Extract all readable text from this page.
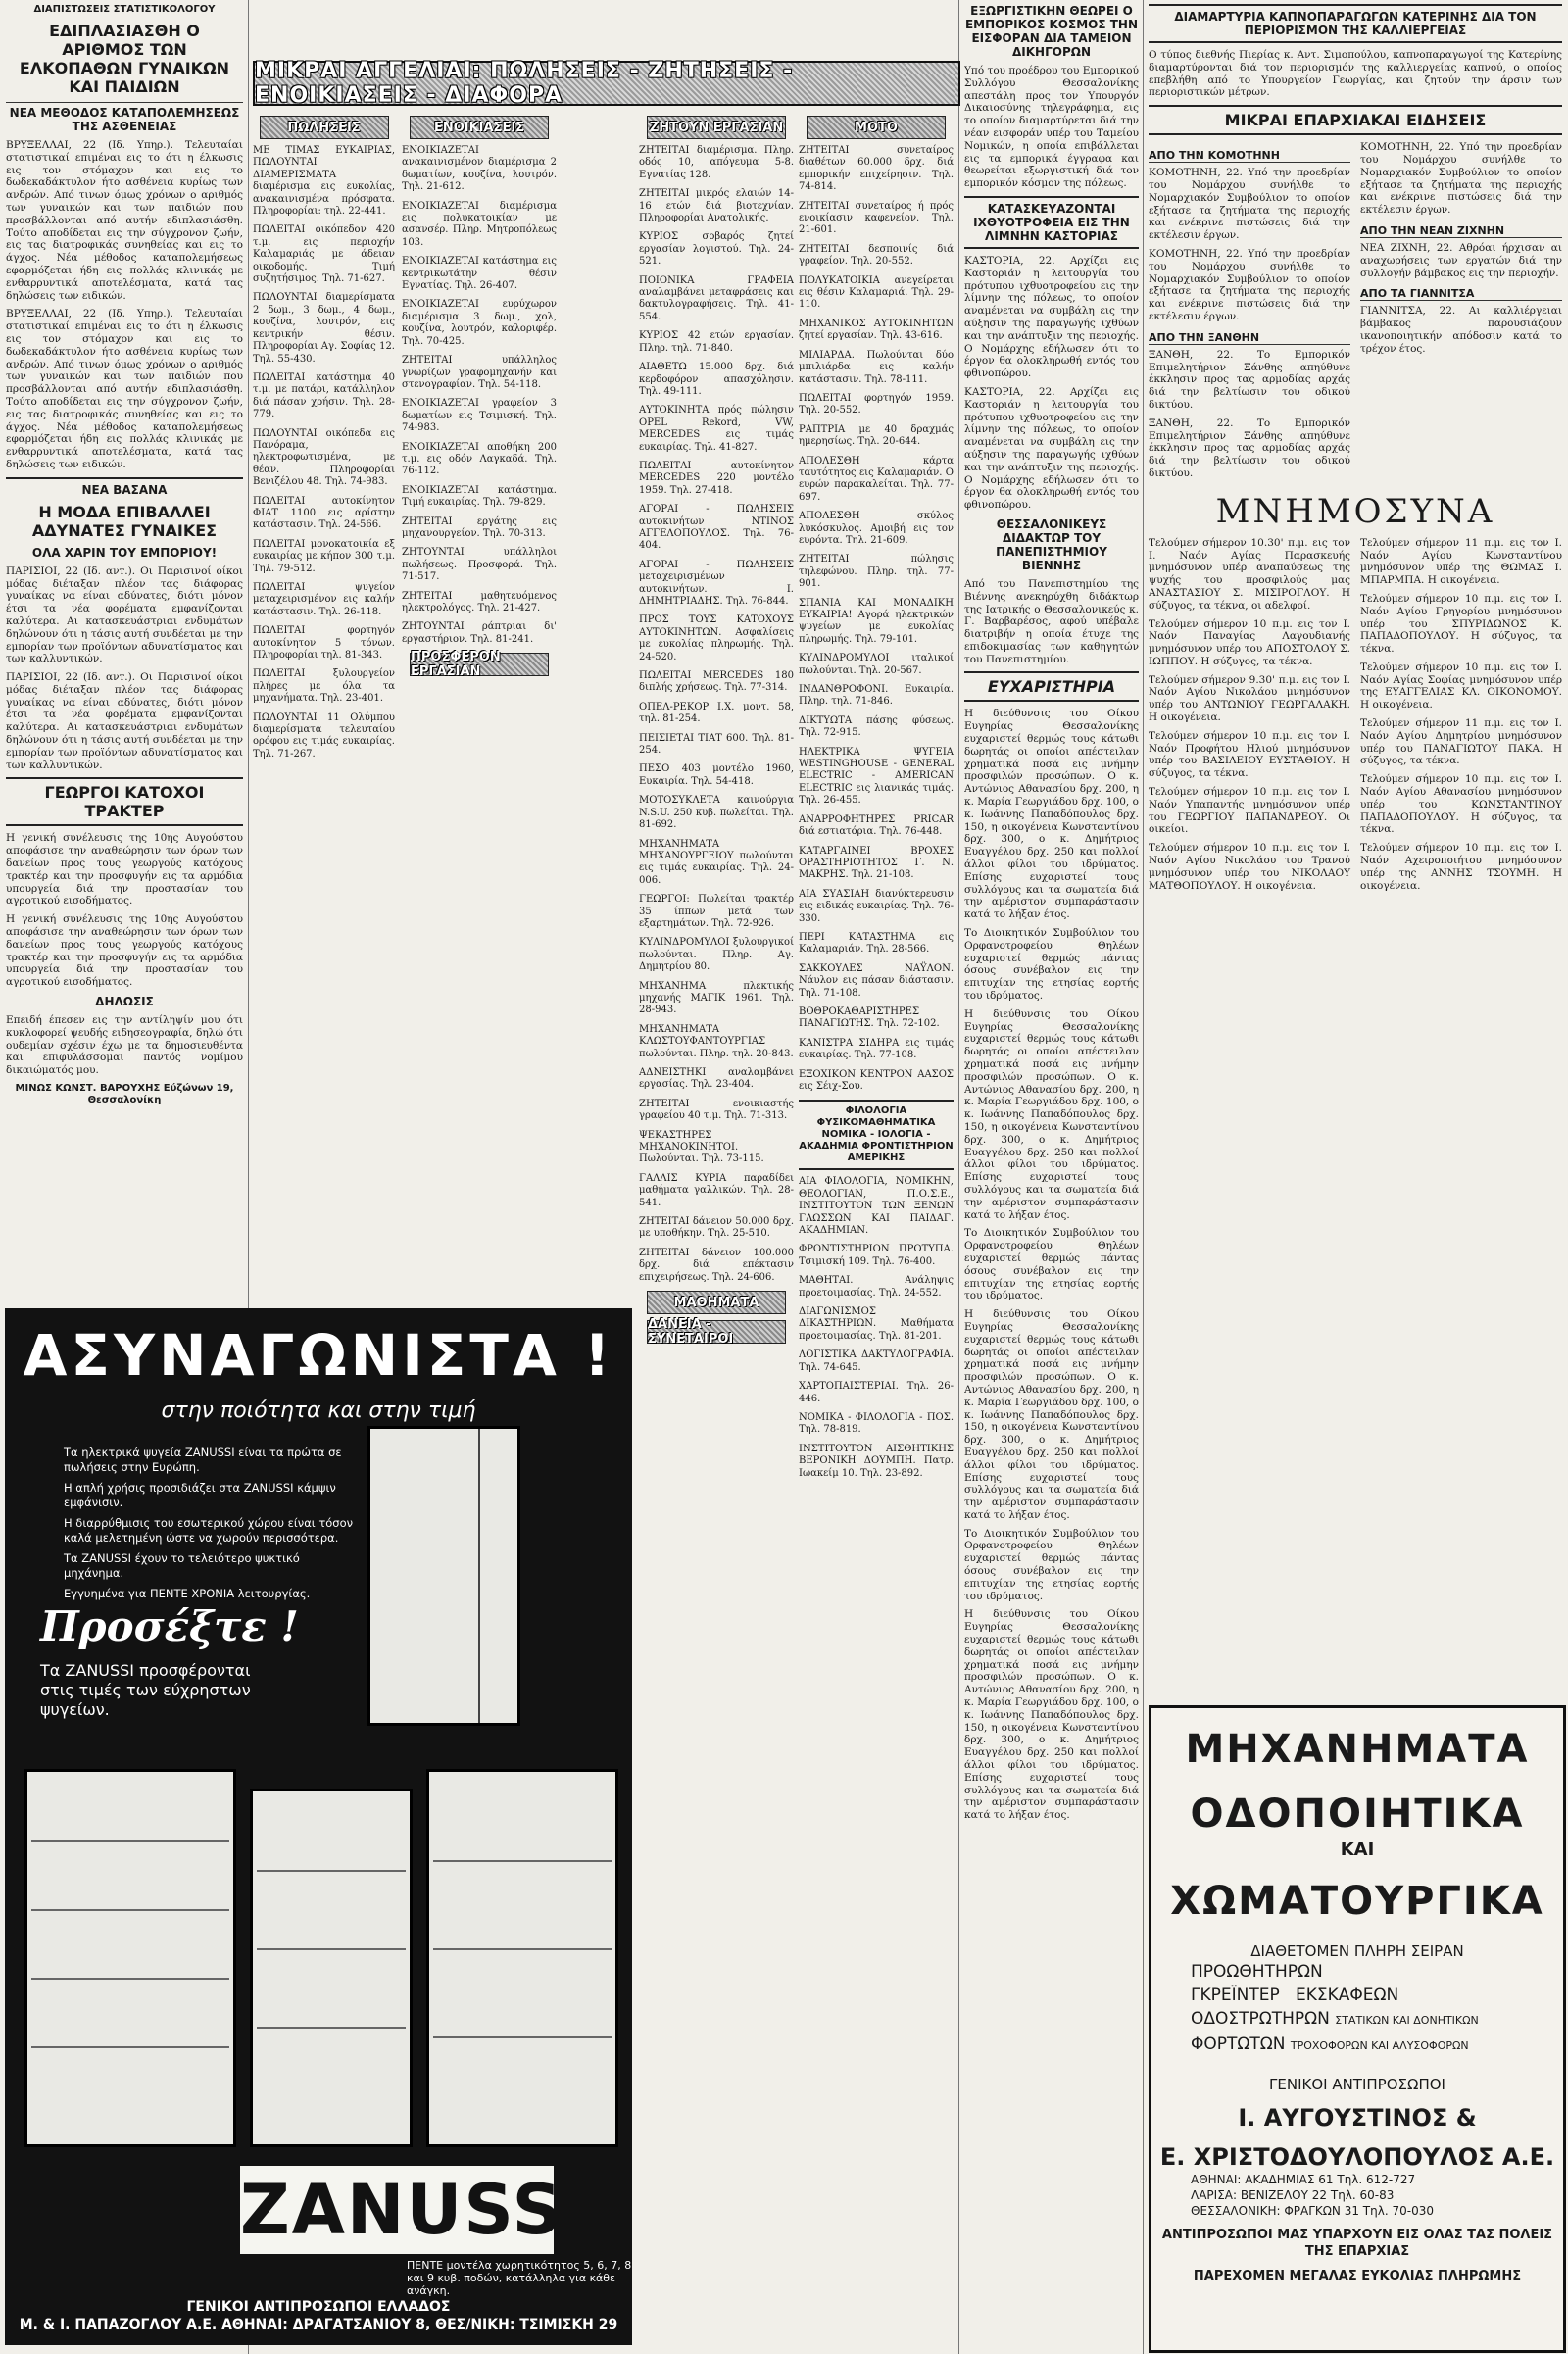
ΔΙΑΠΙΣΤΩΣΕΙΣ ΣΤΑΤΙΣΤΙΚΟΛΟΓΟΥ
ΕΔΙΠΛΑΣΙΑΣΘΗ Ο ΑΡΙΘΜΟΣ ΤΩΝ ΕΛΚΟΠΑΘΩΝ ΓΥΝΑΙΚΩΝ ΚΑΙ ΠΑΙΔΙΩΝ
ΝΕΑ ΜΕΘΟΔΟΣ ΚΑΤΑΠΟΛΕΜΗΣΕΩΣ ΤΗΣ ΑΣΘΕΝΕΙΑΣ

ΒΡΥΞΕΛΛΑΙ, 22 (Ιδ. Υπηρ.). Τελευταίαι στατιστικαί επιμέναι εις το ότι η έλκωσις εις τον στόμαχον και εις το δωδεκαδάκτυλον ήτο ασθένεια κυρίως των ανδρών. Από τινων όμως χρόνων ο αριθμός των γυναικών και των παιδιών που προσβάλλονται από αυτήν εδιπλασιάσθη. Τούτο αποδίδεται εις την σύγχρονον ζωήν, εις τας διατροφικάς συνηθείας και εις το άγχος. Νέα μέθοδος καταπολεμήσεως εφαρμόζεται ήδη εις πολλάς κλινικάς με ενθαρρυντικά αποτελέσματα, κατά τας δηλώσεις των ειδικών.

ΒΡΥΞΕΛΛΑΙ, 22 (Ιδ. Υπηρ.). Τελευταίαι στατιστικαί επιμέναι εις το ότι η έλκωσις εις τον στόμαχον και εις το δωδεκαδάκτυλον ήτο ασθένεια κυρίως των ανδρών. Από τινων όμως χρόνων ο αριθμός των γυναικών και των παιδιών που προσβάλλονται από αυτήν εδιπλασιάσθη. Τούτο αποδίδεται εις την σύγχρονον ζωήν, εις τας διατροφικάς συνηθείας και εις το άγχος. Νέα μέθοδος καταπολεμήσεως εφαρμόζεται ήδη εις πολλάς κλινικάς με ενθαρρυντικά αποτελέσματα, κατά τας δηλώσεις των ειδικών.

ΝΕΑ ΒΑΣΑΝΑ
Η ΜΟΔΑ ΕΠΙΒΑΛΛΕΙ ΑΔΥΝΑΤΕΣ ΓΥΝΑΙΚΕΣ
ΟΛΑ ΧΑΡΙΝ ΤΟΥ ΕΜΠΟΡΙΟΥ!

ΠΑΡΙΣΙΟΙ, 22 (Ιδ. ανт.). Οι Παρισινοί οίκοι μόδας διέταξαν πλέον τας διάφορας γυναίκας να είναι αδύνατες, διότι μόνον έτσι τα νέα φορέματα εμφανίζονται καλύτερα. Αι κατασκευάστριαι ενδυμάτων δηλώνουν ότι η τάσις αυτή συνδέεται με την εμπορίαν των προϊόντων αδυνατίσματος και των καλλυντικών.

ΠΑΡΙΣΙΟΙ, 22 (Ιδ. ανт.). Οι Παρισινοί οίκοι μόδας διέταξαν πλέον τας διάφορας γυναίκας να είναι αδύνατες, διότι μόνον έτσι τα νέα φορέματα εμφανίζονται καλύτερα. Αι κατασκευάστριαι ενδυμάτων δηλώνουν ότι η τάσις αυτή συνδέεται με την εμπορίαν των προϊόντων αδυνατίσματος και των καλλυντικών.

ΓΕΩΡΓΟΙ ΚΑΤΟΧΟΙ ΤΡΑΚΤΕΡ

Η γενική συνέλευσις της 10ης Αυγούστου αποφάσισε την αναθεώρησιν των όρων των δανείων προς τους γεωργούς κατόχους τρακτέρ και την προσφυγήν εις τα αρμόδια υπουργεία διά την προστασίαν του αγροτικού εισοδήματος.

Η γενική συνέλευσις της 10ης Αυγούστου αποφάσισε την αναθεώρησιν των όρων των δανείων προς τους γεωργούς κατόχους τρακτέρ και την προσφυγήν εις τα αρμόδια υπουργεία διά την προστασίαν του αγροτικού εισοδήματος.

ΔΗΛΩΣΙΣ

Επειδή έπεσεν εις την αντίληψίν μου ότι κυκλοφορεί ψευδής ειδησεογραφία, δηλώ ότι ουδεμίαν σχέσιν έχω με τα δημοσιευθέντα και επιφυλάσσομαι παντός νομίμου δικαιώματός μου.

ΜΙΝΩΣ ΚΩΝΣΤ. ΒΑΡΟΥΧΗΣ Εύζώνων 19, Θεσσαλονίκη
ΜΙΚΡΑΙ ΑΓΓΕΛΙΑΙ: ΠΩΛΗΣΕΙΣ - ΖΗΤΗΣΕΙΣ - ΕΝΟΙΚΙΑΣΕΙΣ - ΔΙΑΦΟΡΑ
ΠΩΛΗΣΕΙΣ

ΜΕ ΤΙΜΑΣ ΕΥΚΑΙΡΙΑΣ, ΠΩΛΟΥΝΤΑΙ ΔΙΑΜΕΡΙΣΜΑΤΑ διαμέρισμα εις ευκολίας, ανακαινισμένα πρόσφατα. Πληροφορίαι: τηλ. 22-441.

ΠΩΛΕΙΤΑΙ οικόπεδον 420 τ.μ. εις περιοχήν Καλαμαριάς με άδειαν οικοδομής. Τιμή συζητήσιμος. Τηλ. 71-627.

ΠΩΛΟΥΝΤΑΙ διαμερίσματα 2 δωμ., 3 δωμ., 4 δωμ., κουζίνα, λουτρόν, εις κεντρικήν θέσιν. Πληροφορίαι Αγ. Σοφίας 12. Τηλ. 55-430.

ΠΩΛΕΙΤΑΙ κατάστημα 40 τ.μ. με πατάρι, κατάλληλον διά πάσαν χρήσιν. Τηλ. 28-779.

ΠΩΛΟΥΝΤΑΙ οικόπεδα εις Πανόραμα, ηλεκτροφωτισμένα, με θέαν. Πληροφορίαι Βενιζέλου 48. Τηλ. 74-983.

ΠΩΛΕΙΤΑΙ αυτοκίνητον ΦΙΑΤ 1100 εις αρίστην κατάστασιν. Τηλ. 24-566.

ΠΩΛΕΙΤΑΙ μονοκατοικία εξ ευκαιρίας με κήπον 300 τ.μ. Τηλ. 79-512.

ΠΩΛΕΙΤΑΙ ψυγείον μεταχειρισμένον εις καλήν κατάστασιν. Τηλ. 26-118.

ΠΩΛΕΙΤΑΙ φορτηγόν αυτοκίνητον 5 τόνων. Πληροφορίαι τηλ. 81-343.

ΠΩΛΕΙΤΑΙ ξυλουργείον πλήρες με όλα τα μηχανήματα. Τηλ. 23-401.

ΠΩΛΟΥΝΤΑΙ 11 Ολύμπου διαμερίσματα τελευταίου ορόφου εις τιμάς ευκαιρίας. Τηλ. 71-267.

ΕΝΟΙΚΙΑΣΕΙΣ

ΕΝΟΙΚΙΑΖΕΤΑΙ ανακαινισμένον διαμέρισμα 2 δωματίων, κουζίνα, λουτρόν. Τηλ. 21-612.

ΕΝΟΙΚΙΑΖΕΤΑΙ διαμέρισμα εις πολυκατοικίαν με ασανσέρ. Πληρ. Μητροπόλεως 103.

ΕΝΟΙΚΙΑΖΕΤΑΙ κατάστημα εις κεντρικωτάτην θέσιν Εγνατίας. Τηλ. 26-407.

ΕΝΟΙΚΙΑΖΕΤΑΙ ευρύχωρον διαμέρισμα 3 δωμ., χολ, κουζίνα, λουτρόν, καλοριφέρ. Τηλ. 70-425.

ΖΗΤΕΙΤΑΙ υπάλληλος γνωρίζων γραφομηχανήν και στενογραφίαν. Τηλ. 54-118.

ΕΝΟΙΚΙΑΖΕΤΑΙ γραφείον 3 δωματίων εις Τσιμισκή. Τηλ. 74-983.

ΕΝΟΙΚΙΑΖΕΤΑΙ αποθήκη 200 τ.μ. εις οδόν Λαγκαδά. Τηλ. 76-112.

ΕΝΟΙΚΙΑΖΕΤΑΙ κατάστημα. Τιμή ευκαιρίας. Τηλ. 79-829.

ΖΗΤΕΙΤΑΙ εργάτης εις μηχανουργείον. Τηλ. 70-313.

ΖΗΤΟΥΝΤΑΙ υπάλληλοι πωλήσεως. Προσφορά. Τηλ. 71-517.

ΖΗΤΕΙΤΑΙ μαθητευόμενος ηλεκτρολόγος. Τηλ. 21-427.

ΖΗΤΟΥΝΤΑΙ ράπτριαι δι' εργαστήριον. Τηλ. 81-241.

ΠΡΟΣΦΕΡΟΝ ΕΡΓΑΣΙΑΝ
ΖΗΤΟΥΝ ΕΡΓΑΣΙΑΝ

ΖΗΤΕΙΤΑΙ διαμέρισμα. Πληρ. οδός 10, απόγευμα 5-8. Εγνατίας 128.

ΖΗΤΕΙΤΑΙ μικρός ελαιών 14-16 ετών διά βιοτεχνίαν. Πληροφορίαι Ανατολικής.

ΚΥΡΙΟΣ σοβαρός ζητεί εργασίαν λογιστού. Τηλ. 24-521.

ΠΟΙΟΝΙΚΑ ΓΡΑΦΕΙΑ αναλαμβάνει μεταφράσεις και δακτυλογραφήσεις. Τηλ. 41-554.

ΚΥΡΙΟΣ 42 ετών εργασίαν. Πληρ. τηλ. 71-840.

ΑΙΑΘΕΤΩ 15.000 δρχ. διά κερδοφόρον απασχόλησιν. Τηλ. 49-111.

ΑΥΤΟΚΙΝΗΤΑ πρός πώλησιν OPEL Rekord, VW, MERCEDES εις τιμάς ευκαιρίας. Τηλ. 41-827.

ΠΩΛΕΙΤΑΙ αυτοκίνητον MERCEDES 220 μοντέλο 1959. Τηλ. 27-418.

ΑΓΟΡΑΙ - ΠΩΛΗΣΕΙΣ αυτοκινήτων ΝΤΙΝΟΣ ΑΓΓΕΛΟΠΟΥΛΟΣ. Τηλ. 76-404.

ΑΓΟΡΑΙ - ΠΩΛΗΣΕΙΣ μεταχειρισμένων αυτοκινήτων. Ι. ΔΗΜΗΤΡΙΑΔΗΣ. Τηλ. 76-844.

ΠΡΟΣ ΤΟΥΣ ΚΑΤΟΧΟΥΣ ΑΥΤΟΚΙΝΗΤΩΝ. Ασφαλίσεις με ευκολίας πληρωμής. Τηλ. 24-520.

ΠΩΛΕΙΤΑΙ MERCEDES 180 διπλής χρήσεως. Τηλ. 77-314.

ΟΠΕΛ-ΡΕΚΟΡ Ι.Χ. μοντ. 58, τηλ. 81-254.

ΠΕΙΣΙΕΤΑΙ ΤΙΑΤ 600. Τηλ. 81-254.

ΠΕΣΟ 403 μοντέλο 1960, Ευκαιρία. Τηλ. 54-418.

ΜΟΤΟΣΥΚΛΕΤΑ καινούργια N.S.U. 250 κυβ. πωλείται. Τηλ. 81-692.

ΜΗΧΑΝΗΜΑΤΑ ΜΗΧΑΝΟΥΡΓΕΙΟΥ πωλούνται εις τιμάς ευκαιρίας. Τηλ. 24-006.

ΓΕΩΡΓΟΙ: Πωλείται τρακτέρ 35 ίππων μετά των εξαρτημάτων. Τηλ. 72-926.

ΚΥΛΙΝΔΡΟΜΥΛΟΙ ξυλουργικοί πωλούνται. Πληρ. Αγ. Δημητρίου 80.

ΜΗΧΑΝΗΜΑ πλεκτικής μηχανής ΜΑΓΙΚ 1961. Τηλ. 28-943.

ΜΗΧΑΝΗΜΑΤΑ ΚΛΩΣΤΟΥΦΑΝΤΟΥΡΓΙΑΣ πωλούνται. Πληρ. τηλ. 20-843.

ΑΔΝΕΙΣΤΗΚΙ αναλαμβάνει εργασίας. Τηλ. 23-404.

ΖΗΤΕΙΤΑΙ ενοικιαστής γραφείου 40 τ.μ. Τηλ. 71-313.

ΨΕΚΑΣΤΗΡΕΣ ΜΗΧΑΝΟΚΙΝΗΤΟΙ. Πωλούνται. Τηλ. 73-115.

ΓΑΛΛΙΣ ΚΥΡΙΑ παραδίδει μαθήματα γαλλικών. Τηλ. 28-541.

ΖΗΤΕΙΤΑΙ δάνειον 50.000 δρχ. με υποθήκην. Τηλ. 25-510.

ΖΗΤΕΙΤΑΙ δάνειον 100.000 δρχ. διά επέκτασιν επιχειρήσεως. Τηλ. 24-606.

ΜΑΘΗΜΑΤΑ
ΔΑΝΕΙΑ - ΣΥΝΕΤΑΙΡΟΙ
ΜΟΤΟ

ΖΗΤΕΙΤΑΙ συνεταίρος διαθέτων 60.000 δρχ. διά εμπορικήν επιχείρησιν. Τηλ. 74-814.

ΖΗΤΕΙΤΑΙ συνεταίρος ή πρός ενοικίασιν καφενείον. Τηλ. 21-601.

ΖΗΤΕΙΤΑΙ δεσποινίς διά γραφείον. Τηλ. 20-552.

ΠΟΛΥΚΑΤΟΙΚΙΑ ανεγείρεται εις θέσιν Καλαμαριά. Τηλ. 29-110.

ΜΗΧΑΝΙΚΟΣ ΑΥΤΟΚΙΝΗΤΩΝ ζητεί εργασίαν. Τηλ. 43-616.

ΜΙΛΙΑΡΔΑ. Πωλούνται δύο μπιλιάρδα εις καλήν κατάστασιν. Τηλ. 78-111.

ΠΩΛΕΙΤΑΙ φορτηγόν 1959. Τηλ. 20-552.

ΡΑΠΤΡΙΑ με 40 δραχμάς ημερησίως. Τηλ. 20-644.

ΑΠΟΛΕΣΘΗ κάρτα ταυτότητος εις Καλαμαριάν. Ο ευρών παρακαλείται. Τηλ. 77-697.

ΑΠΟΛΕΣΘΗ σκύλος λυκόσκυλος. Αμοιβή εις τον ευρόντα. Τηλ. 21-609.

ΖΗΤΕΙΤΑΙ πώλησις τηλεφώνου. Πληρ. τηλ. 77-901.

ΣΠΑΝΙΑ ΚΑΙ ΜΟΝΑΔΙΚΗ ΕΥΚΑΙΡΙΑ! Αγορά ηλεκτρικών ψυγείων με ευκολίας πληρωμής. Τηλ. 79-101.

ΚΥΛΙΝΔΡΟΜΥΛΟΙ ιταλικοί πωλούνται. Τηλ. 20-567.

ΙΝΔΑΝΘΡΟΦΟΝΙ. Ευκαιρία. Πληρ. τηλ. 71-846.

ΔΙΚΤΥΩΤΑ πάσης φύσεως. Τηλ. 72-915.

ΗΛΕΚΤΡΙΚΑ ΨΥΓΕΙΑ WESTINGHOUSE - GENERAL ELECTRIC - AMERICAN ELECTRIC εις λιανικάς τιμάς. Τηλ. 26-455.

ΑΝΑΡΡΟΦΗΤΗΡΕΣ PRICAR διά εστιατόρια. Τηλ. 76-448.

ΚΑΤΑΡΓΑΙΝΕΙ ΒΡΟΧΕΣ ΟΡΑΣΤΗΡΙΟΤΗΤΟΣ Γ. Ν. ΜΑΚΡΗΣ. Τηλ. 21-108.

ΑΙΑ ΣΥΑΣΙΑΗ διανύκτερευσιν εις ειδικάς ευκαιρίας. Τηλ. 76-330.

ΠΕΡΙ ΚΑΤΑΣΤΗΜΑ εις Καλαμαριάν. Τηλ. 28-566.

ΣΑΚΚΟΥΛΕΣ ΝΑΫΛΟΝ. Νάυλον εις πάσαν διάστασιν. Τηλ. 71-108.

ΒΟΘΡΟΚΑΘΑΡΙΣΤΗΡΕΣ ΠΑΝΑΓΙΩΤΗΣ. Τηλ. 72-102.

ΚΑΝΙΣΤΡΑ ΣΙΔΗΡΑ εις τιμάς ευκαιρίας. Τηλ. 77-108.

ΕΞΟΧΙΚΟΝ ΚΕΝΤΡΟΝ ΑΑΣΟΣ εις Σέιχ-Σου.

ΦΙΛΟΛΟΓΙΑ ΦΥΣΙΚΟΜΑΘΗΜΑΤΙΚΑ ΝΟΜΙΚΑ - ΙΟΛΟΓΙΑ - ΑΚΑΔΗΜΙΑ ΦΡΟΝΤΙΣΤΗΡΙΟΝ ΑΜΕΡΙΚΗΣ

ΑΙΑ ΦΙΛΟΛΟΓΙΑ, ΝΟΜΙΚΗΝ, ΘΕΟΛΟΓΙΑΝ, Π.Ο.Σ.Ε., ΙΝΣΤΙΤΟΥΤΟΝ ΤΩΝ ΞΕΝΩΝ ΓΛΩΣΣΩΝ ΚΑΙ ΠΑΙΔΑΓ. ΑΚΑΔΗΜΙΑΝ.

ΦΡΟΝΤΙΣΤΗΡΙΟΝ ΠΡΟΤΥΠΑ. Τσιμισκή 109. Τηλ. 76-400.

ΜΑΘΗΤΑΙ. Ανάληψις προετοιμασίας. Τηλ. 24-552.

ΔΙΑΓΩΝΙΣΜΟΣ ΔΙΚΑΣΤΗΡΙΩΝ. Μαθήματα προετοιμασίας. Τηλ. 81-201.

ΛΟΓΙΣΤΙΚΑ ΔΑΚΤΥΛΟΓΡΑΦΙΑ. Τηλ. 74-645.

ΧΑΡΤΟΠΑΙΣΤΕΡΙΑΙ. Τηλ. 26-446.

ΝΟΜΙΚΑ - ΦΙΛΟΛΟΓΙΑ - ΠΟΣ. Τηλ. 78-819.

ΙΝΣΤΙΤΟΥΤΟΝ ΑΙΣΘΗΤΙΚΗΣ ΒΕΡΟΝΙΚΗ ΔΟΥΜΠΗ. Πατρ. Ιωακείμ 10. Τηλ. 23-892.

ΕΞΩΡΓΙΣΤΙΚΗΝ ΘΕΩΡΕΙ Ο ΕΜΠΟΡΙΚΟΣ ΚΟΣΜΟΣ ΤΗΝ ΕΙΣΦΟΡΑΝ ΔΙΑ ΤΑΜΕΙΟΝ ΔΙΚΗΓΟΡΩΝ

Υπό του προέδρου του Εμπορικού Συλλόγου Θεσσαλονίκης απεστάλη προς τον Υπουργόν Δικαιοσύνης τηλεγράφημα, εις το οποίον διαμαρτύρεται διά την νέαν εισφοράν υπέρ του Ταμείου Νομικών, η οποία επιβάλλεται εις τα εμπορικά έγγραφα και θεωρείται εξωργιστική διά τον εμπορικόν κόσμον της πόλεως.

ΚΑΤΑΣΚΕΥΑΖΟΝΤΑΙ ΙΧΘΥΟΤΡΟΦΕΙΑ ΕΙΣ ΤΗΝ ΛΙΜΝΗΝ ΚΑΣΤΟΡΙΑΣ

ΚΑΣΤΟΡΙΑ, 22. Αρχίζει εις Καστοριάν η λειτουργία του πρότυπου ιχθυοτροφείου εις την λίμνην της πόλεως, το οποίον αναμένεται να συμβάλη εις την αύξησιν της παραγωγής ιχθύων και την ανάπτυξιν της περιοχής. Ο Νομάρχης εδήλωσεν ότι το έργον θα ολοκληρωθή εντός του φθινοπώρου.

ΚΑΣΤΟΡΙΑ, 22. Αρχίζει εις Καστοριάν η λειτουργία του πρότυπου ιχθυοτροφείου εις την λίμνην της πόλεως, το οποίον αναμένεται να συμβάλη εις την αύξησιν της παραγωγής ιχθύων και την ανάπτυξιν της περιοχής. Ο Νομάρχης εδήλωσεν ότι το έργον θα ολοκληρωθή εντός του φθινοπώρου.

ΘΕΣΣΑΛΟΝΙΚΕΥΣ ΔΙΔΑΚΤΩΡ ΤΟΥ ΠΑΝΕΠΙΣΤΗΜΙΟΥ ΒΙΕΝΝΗΣ

Από του Πανεπιστημίου της Βιέννης ανεκηρύχθη διδάκτωρ της Ιατρικής ο Θεσσαλονικεύς κ. Γ. Βαρβαρέσος, αφού υπέβαλε διατριβήν η οποία έτυχε της επιδοκιμασίας των καθηγητών του Πανεπιστημίου.

ΕΥΧΑΡΙΣΤΗΡΙΑ

Η διεύθυνσις του Οίκου Ευγηρίας Θεσσαλονίκης ευχαριστεί θερμώς τους κάτωθι δωρητάς οι οποίοι απέστειλαν χρηματικά ποσά εις μνήμην προσφιλών προσώπων. Ο κ. Αντώνιος Αθανασίου δρχ. 200, η κ. Μαρία Γεωργιάδου δρχ. 100, ο κ. Ιωάννης Παπαδόπουλος δρχ. 150, η οικογένεια Κωνσταντίνου δρχ. 300, ο κ. Δημήτριος Ευαγγέλου δρχ. 250 και πολλοί άλλοι φίλοι του ιδρύματος. Επίσης ευχαριστεί τους συλλόγους και τα σωματεία διά την αμέριστον συμπαράστασιν κατά το λήξαν έτος.

Το Διοικητικόν Συμβούλιον του Ορφανοτροφείου Θηλέων ευχαριστεί θερμώς πάντας όσους συνέβαλον εις την επιτυχίαν της ετησίας εορτής του ιδρύματος.

Η διεύθυνσις του Οίκου Ευγηρίας Θεσσαλονίκης ευχαριστεί θερμώς τους κάτωθι δωρητάς οι οποίοι απέστειλαν χρηματικά ποσά εις μνήμην προσφιλών προσώπων. Ο κ. Αντώνιος Αθανασίου δρχ. 200, η κ. Μαρία Γεωργιάδου δρχ. 100, ο κ. Ιωάννης Παπαδόπουλος δρχ. 150, η οικογένεια Κωνσταντίνου δρχ. 300, ο κ. Δημήτριος Ευαγγέλου δρχ. 250 και πολλοί άλλοι φίλοι του ιδρύματος. Επίσης ευχαριστεί τους συλλόγους και τα σωματεία διά την αμέριστον συμπαράστασιν κατά το λήξαν έτος.

Το Διοικητικόν Συμβούλιον του Ορφανοτροφείου Θηλέων ευχαριστεί θερμώς πάντας όσους συνέβαλον εις την επιτυχίαν της ετησίας εορτής του ιδρύματος.

Η διεύθυνσις του Οίκου Ευγηρίας Θεσσαλονίκης ευχαριστεί θερμώς τους κάτωθι δωρητάς οι οποίοι απέστειλαν χρηματικά ποσά εις μνήμην προσφιλών προσώπων. Ο κ. Αντώνιος Αθανασίου δρχ. 200, η κ. Μαρία Γεωργιάδου δρχ. 100, ο κ. Ιωάννης Παπαδόπουλος δρχ. 150, η οικογένεια Κωνσταντίνου δρχ. 300, ο κ. Δημήτριος Ευαγγέλου δρχ. 250 και πολλοί άλλοι φίλοι του ιδρύματος. Επίσης ευχαριστεί τους συλλόγους και τα σωματεία διά την αμέριστον συμπαράστασιν κατά το λήξαν έτος.

Το Διοικητικόν Συμβούλιον του Ορφανοτροφείου Θηλέων ευχαριστεί θερμώς πάντας όσους συνέβαλον εις την επιτυχίαν της ετησίας εορτής του ιδρύματος.

Η διεύθυνσις του Οίκου Ευγηρίας Θεσσαλονίκης ευχαριστεί θερμώς τους κάτωθι δωρητάς οι οποίοι απέστειλαν χρηματικά ποσά εις μνήμην προσφιλών προσώπων. Ο κ. Αντώνιος Αθανασίου δρχ. 200, η κ. Μαρία Γεωργιάδου δρχ. 100, ο κ. Ιωάννης Παπαδόπουλος δρχ. 150, η οικογένεια Κωνσταντίνου δρχ. 300, ο κ. Δημήτριος Ευαγγέλου δρχ. 250 και πολλοί άλλοι φίλοι του ιδρύματος. Επίσης ευχαριστεί τους συλλόγους και τα σωματεία διά την αμέριστον συμπαράστασιν κατά το λήξαν έτος.

ΔΙΑΜΑΡΤΥΡΙΑ ΚΑΠΝΟΠΑΡΑΓΩΓΩΝ ΚΑΤΕΡΙΝΗΣ ΔΙΑ ΤΟΝ ΠΕΡΙΟΡΙΣΜΟΝ ΤΗΣ ΚΑΛΛΙΕΡΓΕΙΑΣ

Ο τύπος διεθνής Πιερίας κ. Αντ. Σιμοπούλου, καπνοπαραγωγοί της Κατερίνης διαμαρτύρονται διά τον περιορισμόν της καλλιεργείας καπνού, ο οποίος επεβλήθη από το Υπουργείον Γεωργίας, και ζητούν την άρσιν των περιοριστικών μέτρων.

ΜΙΚΡΑΙ ΕΠΑΡΧΙΑΚΑΙ ΕΙΔΗΣΕΙΣ
ΑΠΟ ΤΗΝ ΚΟΜΟΤΗΝΗ

ΚΟΜΟΤΗΝΗ, 22. Υπό την προεδρίαν του Νομάρχου συνήλθε το Νομαρχιακόν Συμβούλιον το οποίον εξήτασε τα ζητήματα της περιοχής και ενέκρινε πιστώσεις διά την εκτέλεσιν έργων.

ΚΟΜΟΤΗΝΗ, 22. Υπό την προεδρίαν του Νομάρχου συνήλθε το Νομαρχιακόν Συμβούλιον το οποίον εξήτασε τα ζητήματα της περιοχής και ενέκρινε πιστώσεις διά την εκτέλεσιν έργων.

ΑΠΟ ΤΗΝ ΞΑΝΘΗΝ

ΞΑΝΘΗ, 22. Το Εμπορικόν Επιμελητήριον Ξάνθης απηύθυνε έκκλησιν προς τας αρμοδίας αρχάς διά την βελτίωσιν του οδικού δικτύου.

ΞΑΝΘΗ, 22. Το Εμπορικόν Επιμελητήριον Ξάνθης απηύθυνε έκκλησιν προς τας αρμοδίας αρχάς διά την βελτίωσιν του οδικού δικτύου.

ΚΟΜΟΤΗΝΗ, 22. Υπό την προεδρίαν του Νομάρχου συνήλθε το Νομαρχιακόν Συμβούλιον το οποίον εξήτασε τα ζητήματα της περιοχής και ενέκρινε πιστώσεις διά την εκτέλεσιν έργων.

ΑΠΟ ΤΗΝ ΝΕΑΝ ΖΙΧΝΗΝ

ΝΕΑ ΖΙΧΝΗ, 22. Αθρόαι ήρχισαν αι αναχωρήσεις των εργατών διά την συλλογήν βάμβακος εις την περιοχήν.

ΑΠΟ ΤΑ ΓΙΑΝΝΙΤΣΑ

ΓΙΑΝΝΙΤΣΑ, 22. Αι καλλιέργειαι βάμβακος παρουσιάζουν ικανοποιητικήν απόδοσιν κατά το τρέχον έτος.

ΜΝΗΜΟΣΥΝΑ

Τελούμεν σήμερον 10.30' π.μ. εις τον Ι. Ναόν Αγίας Παρασκευής μνημόσυνον υπέρ αναπαύσεως της ψυχής του προσφιλούς μας ΑΝΑΣΤΑΣΙΟΥ Σ. ΜΙΣΙΡΟΓΛΟΥ. Η σύζυγος, τα τέκνα, οι αδελφοί.

Τελούμεν σήμερον 10 π.μ. εις τον Ι. Ναόν Παναγίας Λαγουδιανής μνημόσυνον υπέρ του ΑΠΟΣΤΟΛΟΥ Σ. ΙΩΠΠΟΥ. Η σύζυγος, τα τέκνα.

Τελούμεν σήμερον 9.30' π.μ. εις τον Ι. Ναόν Αγίου Νικολάου μνημόσυνον υπέρ του ΑΝΤΩΝΙΟΥ ΓΕΩΡΓΑΛΑΚΗ. Η οικογένεια.

Τελούμεν σήμερον 10 π.μ. εις τον Ι. Ναόν Προφήτου Ηλιού μνημόσυνον υπέρ του ΒΑΣΙΛΕΙΟΥ ΕΥΣΤΑΘΙΟΥ. Η σύζυγος, τα τέκνα.

Τελούμεν σήμερον 10 π.μ. εις τον Ι. Ναόν Υπαπαντής μνημόσυνον υπέρ του ΓΕΩΡΓΙΟΥ ΠΑΠΑΝΔΡΕΟΥ. Οι οικείοι.

Τελούμεν σήμερον 10 π.μ. εις τον Ι. Ναόν Αγίου Νικολάου του Τρανού μνημόσυνον υπέρ του ΝΙΚΟΛΑΟΥ ΜΑΤΘΟΠΟΥΛΟΥ. Η οικογένεια.

Τελούμεν σήμερον 11 π.μ. εις τον Ι. Ναόν Αγίου Κωνσταντίνου μνημόσυνον υπέρ της ΘΩΜΑΣ Ι. ΜΠΑΡΜΠΑ. Η οικογένεια.

Τελούμεν σήμερον 10 π.μ. εις τον Ι. Ναόν Αγίου Γρηγορίου μνημόσυνον υπέρ του ΣΠΥΡΙΔΩΝΟΣ Κ. ΠΑΠΑΔΟΠΟΥΛΟΥ. Η σύζυγος, τα τέκνα.

Τελούμεν σήμερον 10 π.μ. εις τον Ι. Ναόν Αγίας Σοφίας μνημόσυνον υπέρ της ΕΥΑΓΓΕΛΙΑΣ ΚΛ. ΟΙΚΟΝΟΜΟΥ. Η οικογένεια.

Τελούμεν σήμερον 11 π.μ. εις τον Ι. Ναόν Αγίου Δημητρίου μνημόσυνον υπέρ του ΠΑΝΑΓΙΩΤΟΥ ΠΑΚΑ. Η σύζυγος, τα τέκνα.

Τελούμεν σήμερον 10 π.μ. εις τον Ι. Ναόν Αγίου Αθανασίου μνημόσυνον υπέρ του ΚΩΝΣΤΑΝΤΙΝΟΥ ΠΑΠΑΔΟΠΟΥΛΟΥ. Η σύζυγος, τα τέκνα.

Τελούμεν σήμερον 10 π.μ. εις τον Ι. Ναόν Αχειροποιήτου μνημόσυνον υπέρ της ΑΝΝΗΣ ΤΣΟΥΜΗ. Η οικογένεια.

ΑΣΥΝΑΓΩΝΙΣΤΑ !
στην ποιότητα και στην τιμή
Τα ηλεκτρικά ψυγεία ZANUSSI είναι τα πρώτα σε πωλήσεις στην Ευρώπη.
Η απλή χρήσις προσιδιάζει στα ZANUSSI κάμψιν εμφάνισιν.
Η διαρρύθμισις του εσωτερικού χώρου είναι τόσον καλά μελετημένη ώστε να χωρούν περισσότερα.
Τα ZANUSSI έχουν το τελειότερο ψυκτικό μηχάνημα.
Εγγυημένα για ΠΕΝΤΕ ΧΡΟΝΙΑ λειτουργίας.
Προσέξτε !
Τα ZANUSSI προσφέρονται στις τιμές των εύχρηστων ψυγείων.
ZANUSSI
ΠΕΝΤΕ μοντέλα χωρητικότητος 5, 6, 7, 8 και 9 κυβ. ποδών, κατάλληλα για κάθε ανάγκη.
ΓΕΝΙΚΟΙ ΑΝΤΙΠΡΟΣΩΠΟΙ ΕΛΛΑΔΟΣ
Μ. & Ι. ΠΑΠΑΖΟΓΛΟΥ Α.Ε. ΑΘΗΝΑΙ: ΔΡΑΓΑΤΣΑΝΙΟΥ 8, ΘΕΣ/ΝΙΚΗ: ΤΣΙΜΙΣΚΗ 29
ΜΗΧΑΝΗΜΑΤΑ
ΟΔΟΠΟΙΗΤΙΚΑ
ΚΑΙ
ΧΩΜΑΤΟΥΡΓΙΚΑ
ΔΙΑΘΕΤΟΜΕΝ ΠΛΗΡΗ ΣΕΙΡΑΝ
ΠΡΟΩΘΗΤΗΡΩΝ
ΓΚΡΕΪΝΤΕΡ ΕΚΣΚΑΦΕΩΝ
ΟΔΟΣΤΡΩΤΗΡΩΝ ΣΤΑΤΙΚΩΝ ΚΑΙ ΔΟΝΗΤΙΚΩΝ
ΦΟΡΤΩΤΩΝ ΤΡΟΧΟΦΟΡΩΝ ΚΑΙ ΑΛΥΣΟΦΟΡΩΝ
ΓΕΝΙΚΟΙ ΑΝΤΙΠΡΟΣΩΠΟΙ
Ι. ΑΥΓΟΥΣΤΙΝΟΣ &
Ε. ΧΡΙΣΤΟΔΟΥΛΟΠΟΥΛΟΣ Α.Ε.
ΑΘΗΝΑΙ: ΑΚΑΔΗΜΙΑΣ 61 Τηλ. 612-727
ΛΑΡΙΣΑ: ΒΕΝΙΖΕΛΟΥ 22 Τηλ. 60-83
ΘΕΣΣΑΛΟΝΙΚΗ: ΦΡΑΓΚΩΝ 31 Τηλ. 70-030
ΑΝΤΙΠΡΟΣΩΠΟΙ ΜΑΣ ΥΠΑΡΧΟΥΝ ΕΙΣ ΟΛΑΣ ΤΑΣ ΠΟΛΕΙΣ ΤΗΣ ΕΠΑΡΧΙΑΣ
ΠΑΡΕΧΟΜΕΝ ΜΕΓΑΛΑΣ ΕΥΚΟΛΙΑΣ ΠΛΗΡΩΜΗΣ
